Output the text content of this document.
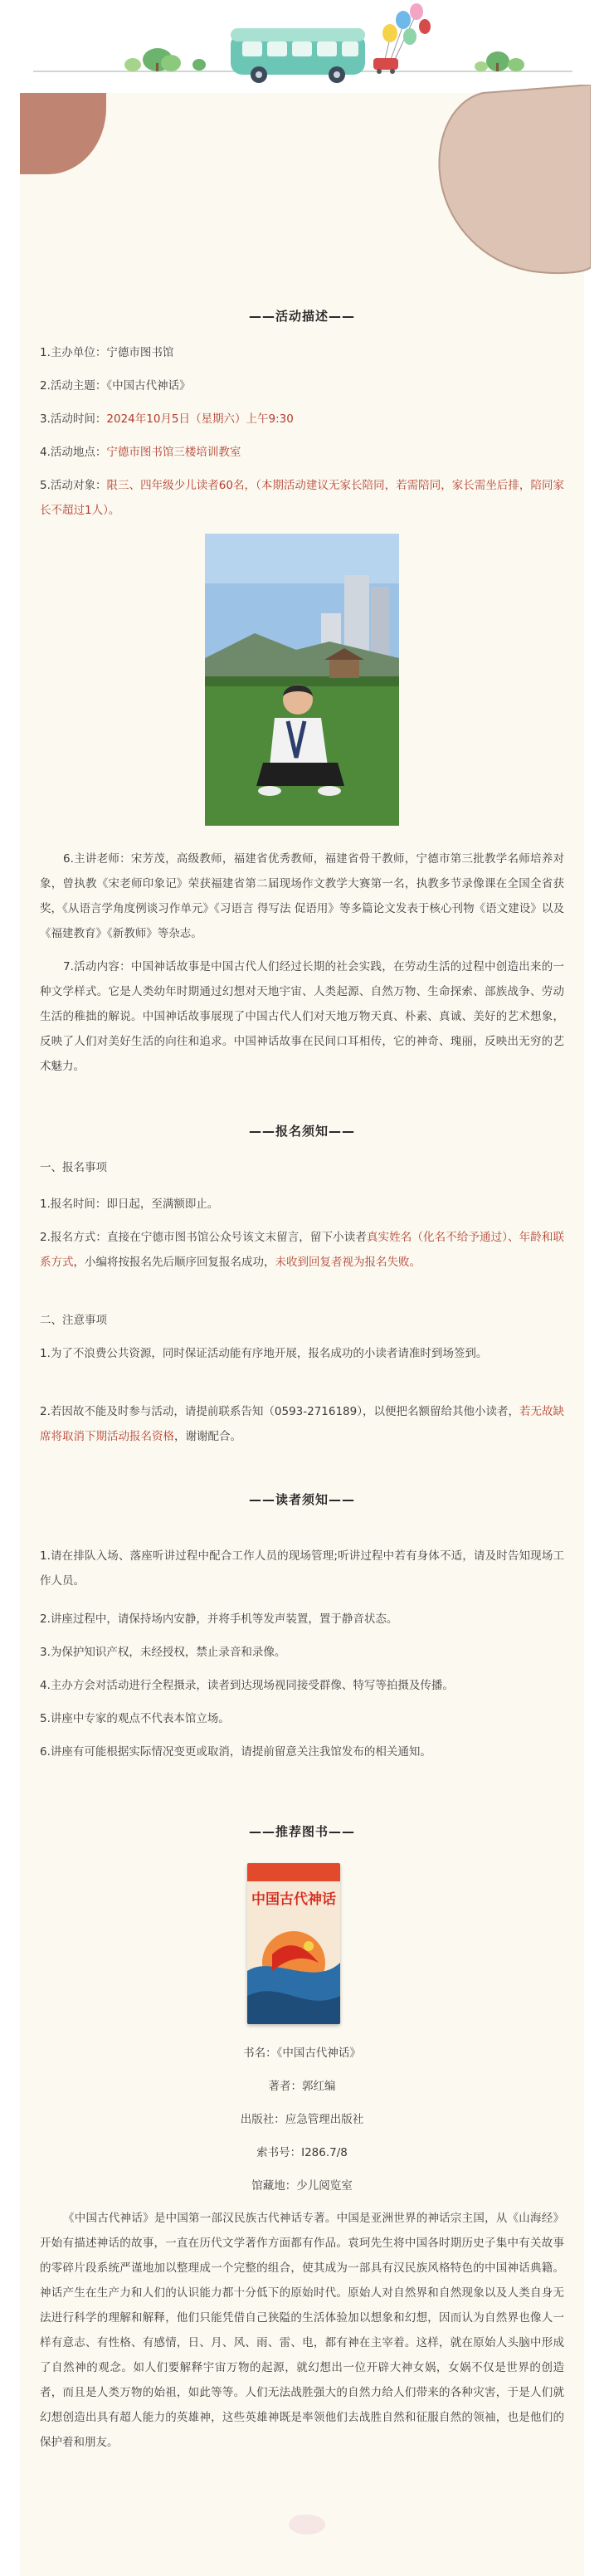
——活动描述——
1.主办单位：宁德市图书馆
2.活动主题：《中国古代神话》
3.活动时间：2024年10月5日（星期六）上午9:30
4.活动地点：宁德市图书馆三楼培训教室
5.活动对象：限三、四年级少儿读者60名，（本期活动建议无家长陪同，若需陪同，家长需坐后排，陪同家长不超过1人）。
6.主讲老师：宋芳茂，高级教师，福建省优秀教师，福建省骨干教师，宁德市第三批教学名师培养对象，曾执教《宋老师印象记》荣获福建省第二届现场作文教学大赛第一名，执教多节录像课在全国全省获奖，《从语言学角度例谈习作单元》《习语言 得写法 促语用》等多篇论文发表于核心刊物《语文建设》以及《福建教育》《新教师》等杂志。
7.活动内容：中国神话故事是中国古代人们经过长期的社会实践，在劳动生活的过程中创造出来的一种文学样式。它是人类幼年时期通过幻想对天地宇宙、人类起源、自然万物、生命探索、部族战争、劳动生活的稚拙的解说。中国神话故事展现了中国古代人们对天地万物天真、朴素、真诚、美好的艺术想象，反映了人们对美好生活的向往和追求。中国神话故事在民间口耳相传，它的神奇、瑰丽，反映出无穷的艺术魅力。
——报名须知——
一、报名事项
1.报名时间：即日起，至满额即止。
2.报名方式：直接在宁德市图书馆公众号该文末留言，留下小读者真实姓名（化名不给予通过）、年龄和联系方式，小编将按报名先后顺序回复报名成功，未收到回复者视为报名失败。
二、注意事项
1.为了不浪费公共资源，同时保证活动能有序地开展，报名成功的小读者请准时到场签到。
2.若因故不能及时参与活动，请提前联系告知（0593-2716189），以便把名额留给其他小读者，若无故缺席将取消下期活动报名资格，谢谢配合。
——读者须知——
1.请在排队入场、落座听讲过程中配合工作人员的现场管理;听讲过程中若有身体不适，请及时告知现场工作人员。
2.讲座过程中，请保持场内安静，并将手机等发声装置，置于静音状态。
3.为保护知识产权，未经授权，禁止录音和录像。
4.主办方会对活动进行全程摄录，读者到达现场视同接受群像、特写等拍摄及传播。
5.讲座中专家的观点不代表本馆立场。
6.讲座有可能根据实际情况变更或取消，请提前留意关注我馆发布的相关通知。
——推荐图书——
中国古代神话
书名：《中国古代神话》
著者：郭红编
出版社：应急管理出版社
索书号：I286.7/8
馆藏地：少儿阅览室
《中国古代神话》是中国第一部汉民族古代神话专著。中国是亚洲世界的神话宗主国，从《山海经》开始有描述神话的故事，一直在历代文学著作方面都有作品。袁珂先生将中国各时期历史子集中有关故事的零碎片段系统严谨地加以整理成一个完整的组合，使其成为一部具有汉民族风格特色的中国神话典籍。神话产生在生产力和人们的认识能力都十分低下的原始时代。原始人对自然界和自然现象以及人类自身无法进行科学的理解和解释，他们只能凭借自己狭隘的生活体验加以想象和幻想，因而认为自然界也像人一样有意志、有性格、有感情，日、月、风、雨、雷、电，都有神在主宰着。这样，就在原始人头脑中形成了自然神的观念。如人们要解释宇宙万物的起源，就幻想出一位开辟大神女娲，女娲不仅是世界的创造者，而且是人类万物的始祖，如此等等。人们无法战胜强大的自然力给人们带来的各种灾害，于是人们就幻想创造出具有超人能力的英雄神，这些英雄神既是率领他们去战胜自然和征服自然的领袖，也是他们的保护着和朋友。
